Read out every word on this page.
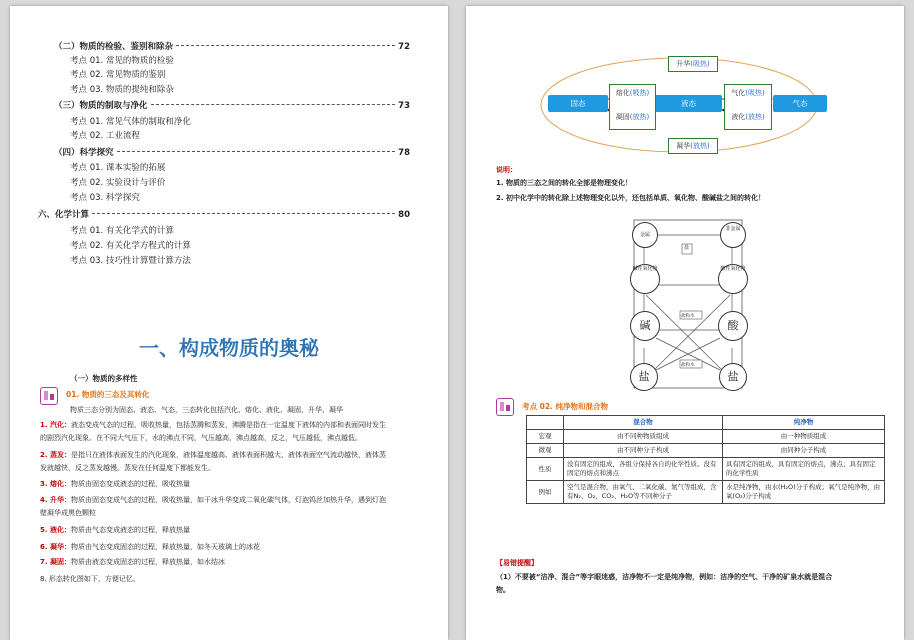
（二）物质的检验、鉴别和除杂	72
考点 01. 常见的物质的检验
考点 02. 常见物质的鉴别
考点 03. 物质的提纯和除杂
（三）物质的制取与净化	73
考点 01. 常见气体的制取和净化
考点 02. 工业流程
（四）科学探究	78
考点 01. 课本实验的拓展
考点 02. 实验设计与评价
考点 03. 科学探究
六、化学计算	80
考点 01. 有关化学式的计算
考点 02. 有关化学方程式的计算
考点 03. 技巧性计算暨计算方法
一、构成物质的奥秘
（一）物质的多样性
01. 物质的三态及其转化
物质三态分别为固态、液态、气态，三态转化包括汽化、熔化、液化、凝固、升华、凝华
1. 汽化：液态变成气态的过程，吸收热量，包括蒸腾和蒸发，沸腾是指在一定温度下液体的内部和表面同时发生
的剧烈汽化现象。在不同大气压下，水的沸点不同，气压越高，沸点越高，反之，气压越低，沸点越低。
2. 蒸发：是指只在液体表面发生的汽化现象，液体温度越高、液体表面积越大、液体表面空气流动越快，液体蒸
发就越快，反之蒸发越慢。蒸发在任何温度下都能发生。
3. 熔化：物质由固态变成液态的过程，吸收热量
4. 升华：物质由固态变成气态的过程，吸收热量，如干冰升华变成二氧化碳气体，灯泡钨丝加热升华，遇到灯泡
壁凝华成黑色颗粒
5. 液化：物质由气态变成液态的过程，释放热量
6. 凝华：物质由气态变成固态的过程，释放热量，如冬天玻璃上的冰花
7. 凝固：物质由液态变成固态的过程，释放热量，如水结冰
8. 形态转化图如下，方便记忆。
固态	液态	气态
升华(吸热)
熔化(吸热)
凝固(放热)
气化(吸热)
液化(放热)
凝华(放热)
说明：
1. 物质的三态之间的转化全部是物理变化！
2. 初中化学中的转化除上述物理变化以外，还包括单质、氧化物、酸碱盐之间的转化！
盐
盐和水
盐和水
金属
非金属
碱性氧化物	酸性氧化物
碱	酸
盐	盐
考点 02. 纯净物和混合物
	混合物	纯净物
宏观	由不同种物质组成	由一种物质组成
微观	由不同种分子构成	由同种分子构成
性质	没有固定的组成，各组分保持各自的化学性质。没有固定的熔点和沸点	具有固定的组成，具有固定的熔点，沸点；具有固定的化学性质
例如	空气是混合物，由氧气、二氧化碳、氮气等组成，含有N₂、O₂、CO₂、H₂O等不同种分子	水是纯净物，由水(H₂O)分子构成；氧气是纯净物，由氧(O₂)分子构成
【易错提醒】
（1）不要被“洁净、混合”等字眼迷惑，洁净物不一定是纯净物，例如：洁净的空气、干净的矿泉水就是混合
物。
